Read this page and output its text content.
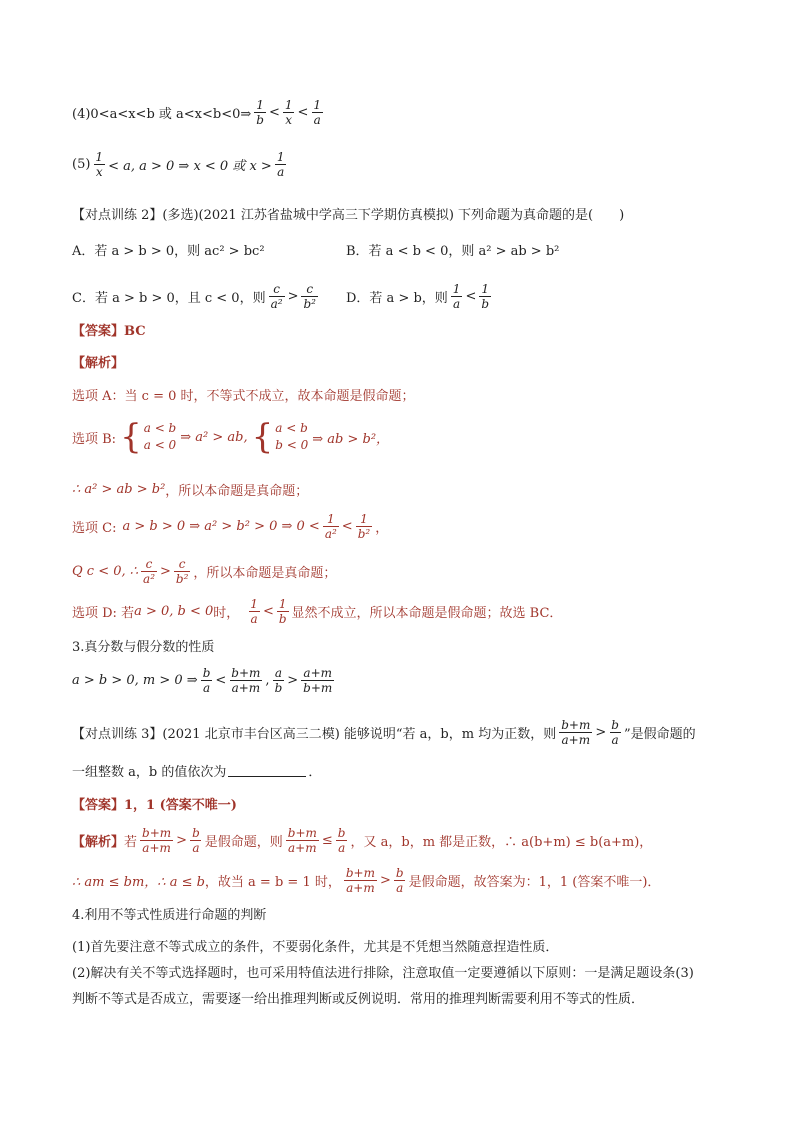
(4)0<a<x<b 或 a<x<b<0⇒ $\frac{1}{b} < \frac{1}{x} < \frac{1}{a}$
$(5) \frac{1}{x} < a$, a > 0 ⇒ x < 0 或 $x > \frac{1}{a}$
【对点训练 2】(多选)(2021 江苏省盐城中学高三下学期仿真模拟) 下列命题为真命题的是(　　)
A．若 a > b > 0，则 ac² > bc²	B．若 a < b < 0，则 a² > ab > b²
C．若 a > b > 0，且 c < 0，则 $\frac{c}{\text{a²}} > \frac{c}{\text{b²}}$ D．若 a > b，则 $\frac{1}{a} < \frac{1}{b}$
【答案】BC
【解析】
选项 A：当 c = 0 时，不等式不成立，故本命题是假命题；
选项 B: { a < b
a < 0
⇒ a² > ab, { a < b
b < 0 ⇒ ab > b²，
∴ a² > ab > b² ，所以本命题是真命题；
选项 C: a > b > 0 ⇒ a² > b² > 0 ⇒ $0 < \frac{1}{\text{a²}} < \frac{1}{\text{b²}}$ ，
Q c < 0, ∴ $\frac{c}{\text{a²}} > \frac{c}{\text{b²}}$ ，所以本命题是真命题；
选项 D: 若 a > 0, b < 0 时， $\frac{1}{a} < \frac{1}{b}$ 显然不成立，所以本命题是假命题；故选 BC．
3.真分数与假分数的性质
a > b > 0, m > 0 ⇒ $\frac{b}{a} < \frac{b+m}{a+m}$ , $\frac{a}{b} > \frac{a+m}{b+m}$
【对点训练 3】(2021 北京市丰台区高三二模) 能够说明“若 a，b，m 均为正数，则 $\frac{b+m}{a+m} > \frac{b}{a}$ ”是假命题的
一组整数 a，b 的值依次为	．
【答案】1，1 (答案不唯一)
【解析】 若 $\frac{b+m}{a+m} > \frac{b}{a}$ 是假命题，则 $\frac{b+m}{a+m} \le \frac{b}{a}$ ，又 a，b，m 都是正数，∴ a(b+m) ≤ b(a+m)，
∴ am ≤ bm，∴ a ≤ b ，故当 a = b = 1 时， $\frac{b+m}{a+m} > \frac{b}{a}$ 是假命题，故答案为：1，1 (答案不唯一)．
4.利用不等式性质进行命题的判断
(1)首先要注意不等式成立的条件，不要弱化条件，尤其是不凭想当然随意捏造性质．
(2)解决有关不等式选择题时，也可采用特值法进行排除，注意取值一定要遵循以下原则：一是满足题设条(3)
判断不等式是否成立，需要逐一给出推理判断或反例说明．常用的推理判断需要利用不等式的性质．
